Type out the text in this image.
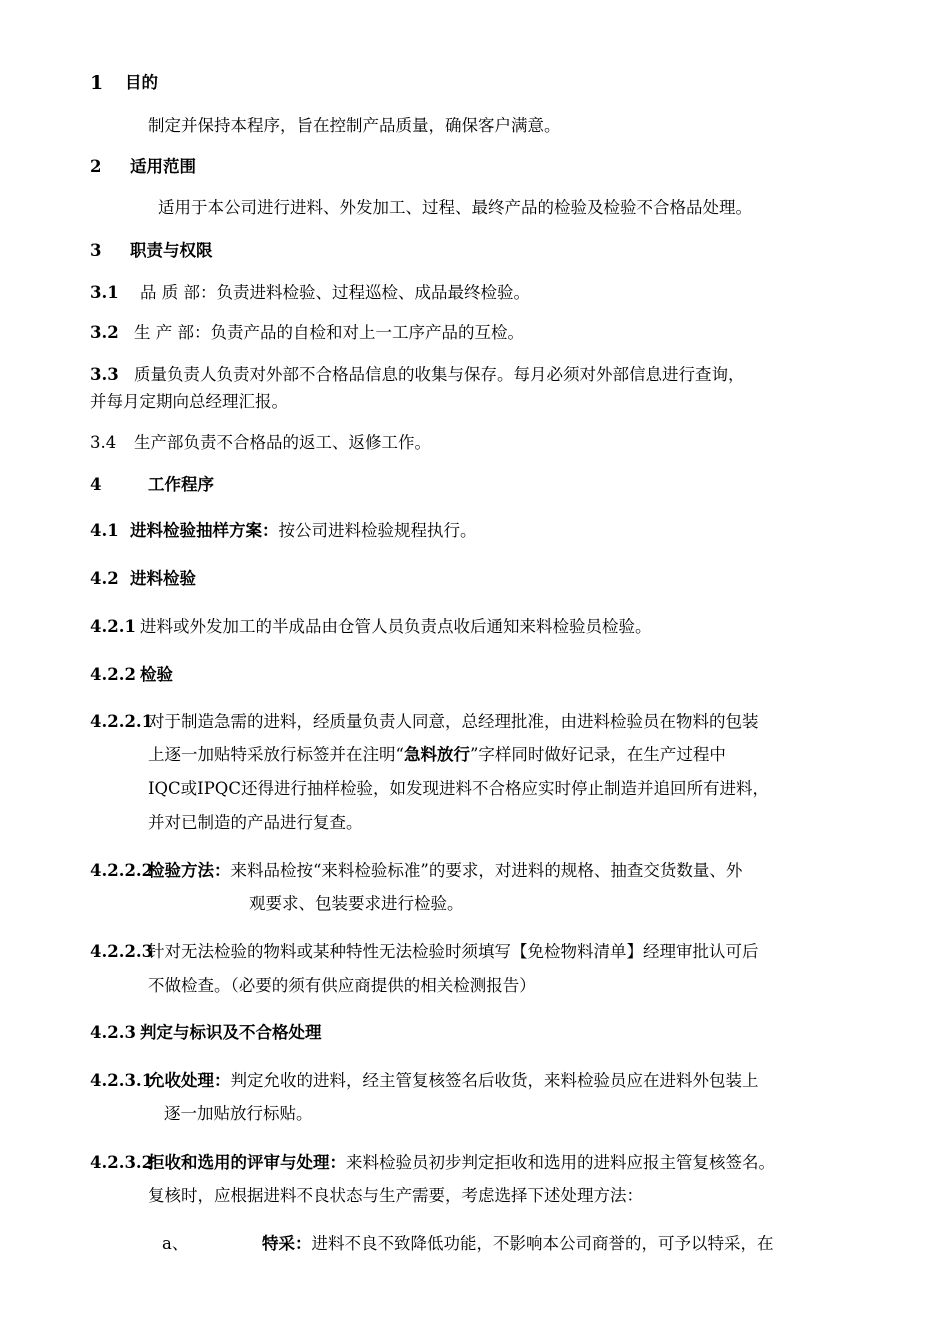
1 目的
制定并保持本程序，旨在控制产品质量，确保客户满意。
2 适用范围
适用于本公司进行进料、外发加工、过程、最终产品的检验及检验不合格品处理。
3 职责与权限
3.1 品 质 部：负责进料检验、过程巡检、成品最终检验。
3.2 生 产 部：负责产品的自检和对上一工序产品的互检。
3.3 质量负责人负责对外部不合格品信息的收集与保存。每月必须对外部信息进行查询，
并每月定期向总经理汇报。
3.4 生产部负责不合格品的返工、返修工作。
4	工作程序
4.1 进料检验抽样方案：按公司进料检验规程执行。
4.2 进料检验
4.2.1 进料或外发加工的半成品由仓管人员负责点收后通知来料检验员检验。
4.2.2 检验
4.2.2.1
对于制造急需的进料，经质量负责人同意，总经理批准，由进料检验员在物料的包装
上逐一加贴特采放行标签并在注明“急料放行”字样同时做好记录，在生产过程中
IQC或IPQC还得进行抽样检验，如发现进料不合格应实时停止制造并追回所有进料，
并对已制造的产品进行复查。
4.2.2.2
检验方法：来料品检按“来料检验标准”的要求，对进料的规格、抽查交货数量、外
观要求、包装要求进行检验。
4.2.2.3
针对无法检验的物料或某种特性无法检验时须填写【免检物料清单】经理审批认可后
不做检查。（必要的须有供应商提供的相关检测报告）
4.2.3 判定与标识及不合格处理
4.2.3.1
允收处理：判定允收的进料，经主管复核签名后收货，来料检验员应在进料外包装上
逐一加贴放行标贴。
4.2.3.2
拒收和选用的评审与处理：来料检验员初步判定拒收和选用的进料应报主管复核签名。
复核时，应根据进料不良状态与生产需要，考虑选择下述处理方法：
a、	特采：进料不良不致降低功能，不影响本公司商誉的，可予以特采，在
